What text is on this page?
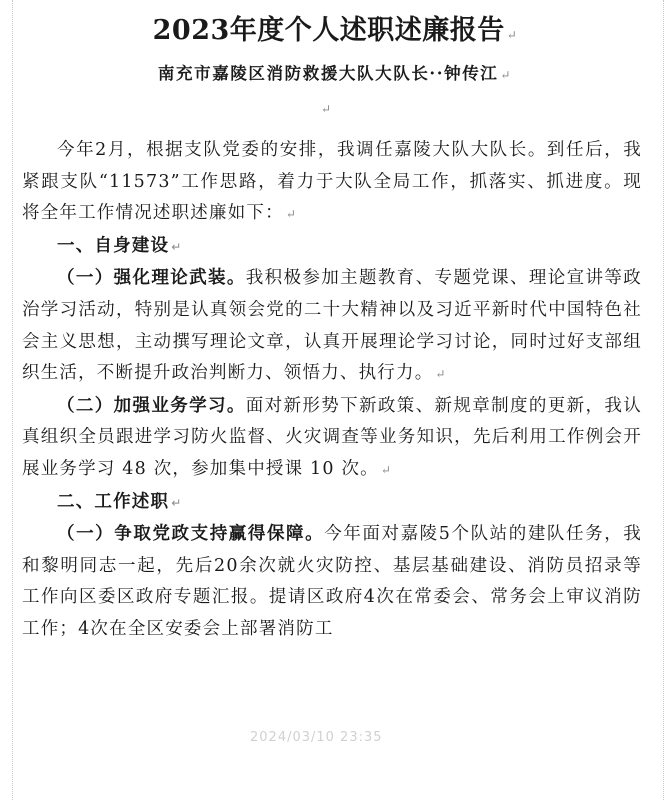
2023年度个人述职述廉报告 ↵
南充市嘉陵区消防救援大队大队长··钟传江 ↵
↵

今年2月，根据支队党委的安排，我调任嘉陵大队大队长。到任后，我紧跟支队“11573”工作思路，着力于大队全局工作，抓落实、抓进度。现将全年工作情况述职述廉如下： ↵

一、自身建设 ↵

（一）强化理论武装。我积极参加主题教育、专题党课、理论宣讲等政治学习活动，特别是认真领会党的二十大精神以及习近平新时代中国特色社会主义思想，主动撰写理论文章，认真开展理论学习讨论，同时过好支部组织生活，不断提升政治判断力、领悟力、执行力。 ↵

（二）加强业务学习。面对新形势下新政策、新规章制度的更新，我认真组织全员跟进学习防火监督、火灾调查等业务知识，先后利用工作例会开展业务学习 48 次，参加集中授课 10 次。 ↵

二、工作述职 ↵

（一）争取党政支持赢得保障。今年面对嘉陵5个队站的建队任务，我和黎明同志一起，先后20余次就火灾防控、基层基础建设、消防员招录等工作向区委区政府专题汇报。提请区政府4次在常委会、常务会上审议消防工作；4次在全区安委会上部署消防工

2024/03/10 23:35
